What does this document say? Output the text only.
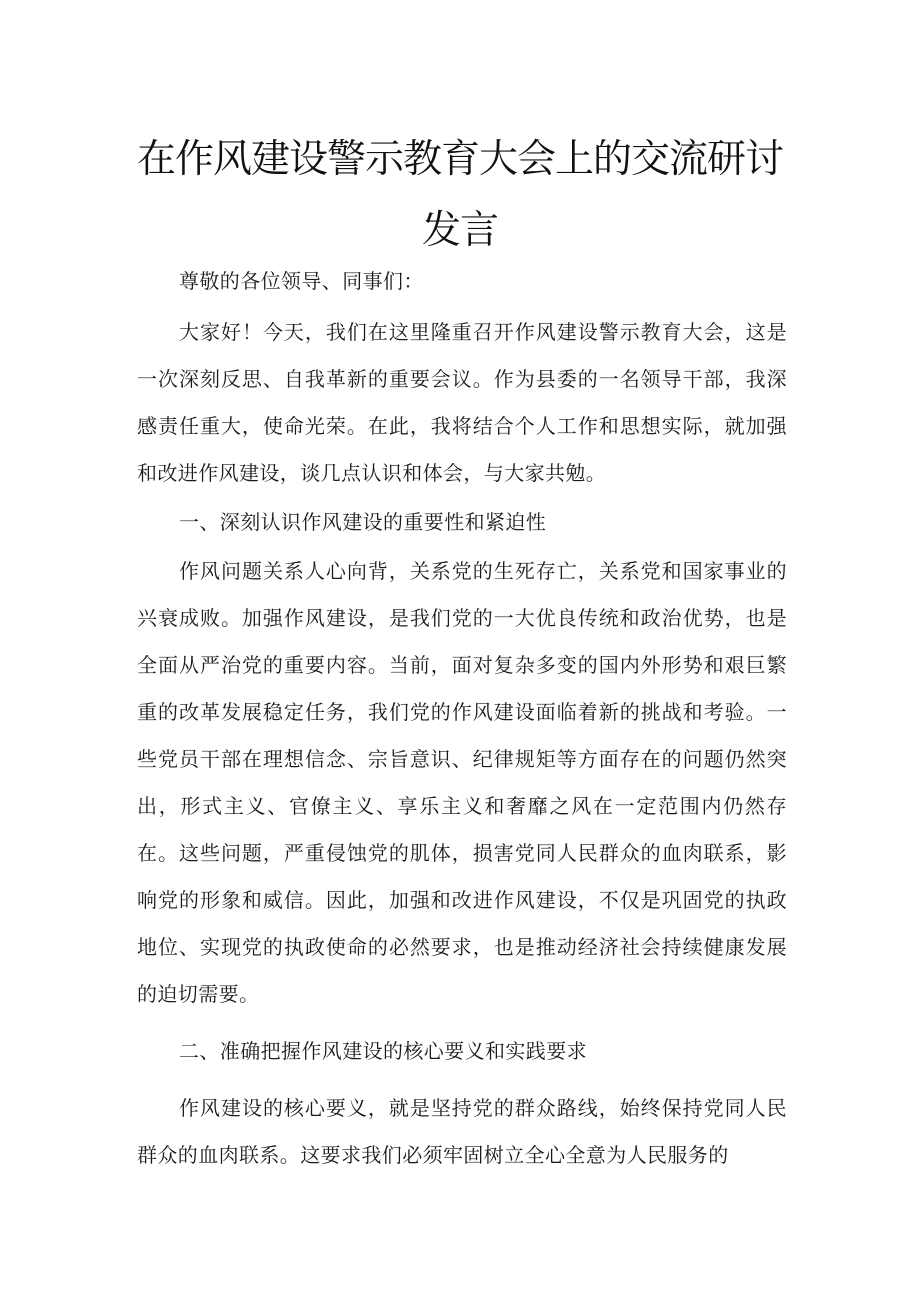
在作风建设警示教育大会上的交流研讨
发言

尊敬的各位领导、同事们：

大家好！今天，我们在这里隆重召开作风建设警示教育大会，这是一次深刻反思、自我革新的重要会议。作为县委的一名领导干部，我深感责任重大，使命光荣。在此，我将结合个人工作和思想实际，就加强和改进作风建设，谈几点认识和体会，与大家共勉。

一、深刻认识作风建设的重要性和紧迫性

作风问题关系人心向背，关系党的生死存亡，关系党和国家事业的兴衰成败。加强作风建设，是我们党的一大优良传统和政治优势，也是全面从严治党的重要内容。当前，面对复杂多变的国内外形势和艰巨繁重的改革发展稳定任务，我们党的作风建设面临着新的挑战和考验。一些党员干部在理想信念、宗旨意识、纪律规矩等方面存在的问题仍然突出，形式主义、官僚主义、享乐主义和奢靡之风在一定范围内仍然存在。这些问题，严重侵蚀党的肌体，损害党同人民群众的血肉联系，影响党的形象和威信。因此，加强和改进作风建设，不仅是巩固党的执政地位、实现党的执政使命的必然要求，也是推动经济社会持续健康发展的迫切需要。

二、准确把握作风建设的核心要义和实践要求

作风建设的核心要义，就是坚持党的群众路线，始终保持党同人民群众的血肉联系。这要求我们必须牢固树立全心全意为人民服务的
